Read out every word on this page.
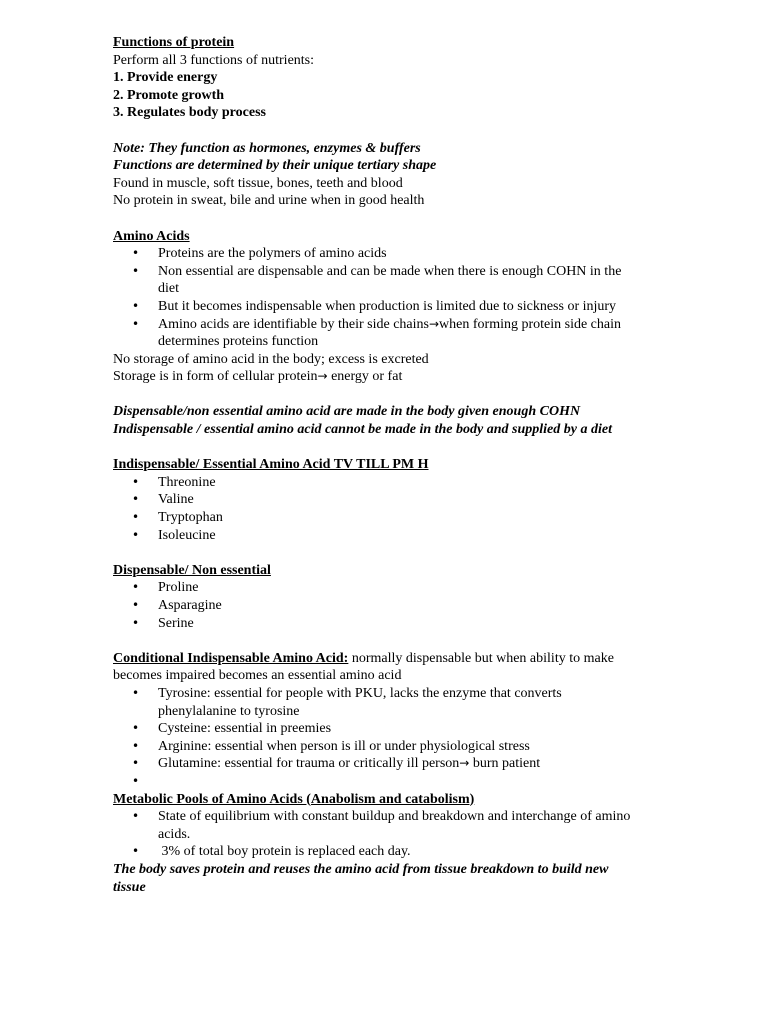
Functions of protein

Perform all 3 functions of nutrients:

1. Provide energy

2. Promote growth

3. Regulates body process

Note: They function as hormones, enzymes & buffers

Functions are determined by their unique tertiary shape

Found in muscle, soft tissue, bones, teeth and blood

No protein in sweat, bile and urine when in good health

Amino Acids

• Proteins are the polymers of amino acids
• Non essential are dispensable and can be made when there is enough COHN in the diet
• But it becomes indispensable when production is limited due to sickness or injury
• Amino acids are identifiable by their side chains→when forming protein side chain determines proteins function

No storage of amino acid in the body; excess is excreted

Storage is in form of cellular protein→ energy or fat

Dispensable/non essential amino acid are made in the body given enough COHN

Indispensable / essential amino acid cannot be made in the body and supplied by a diet

Indispensable/ Essential Amino Acid TV TILL PM H

• Threonine
• Valine
• Tryptophan
• Isoleucine

Dispensable/ Non essential

• Proline
• Asparagine
• Serine

Conditional Indispensable Amino Acid: normally dispensable but when ability to make becomes impaired becomes an essential amino acid

• Tyrosine: essential for people with PKU, lacks the enzyme that converts phenylalanine to tyrosine
• Cysteine: essential in preemies
• Arginine: essential when person is ill or under physiological stress
• Glutamine: essential for trauma or critically ill person→ burn patient
•

Metabolic Pools of Amino Acids (Anabolism and catabolism)

• State of equilibrium with constant buildup and breakdown and interchange of amino acids.
•  3% of total boy protein is replaced each day.

The body saves protein and reuses the amino acid from tissue breakdown to build new tissue
